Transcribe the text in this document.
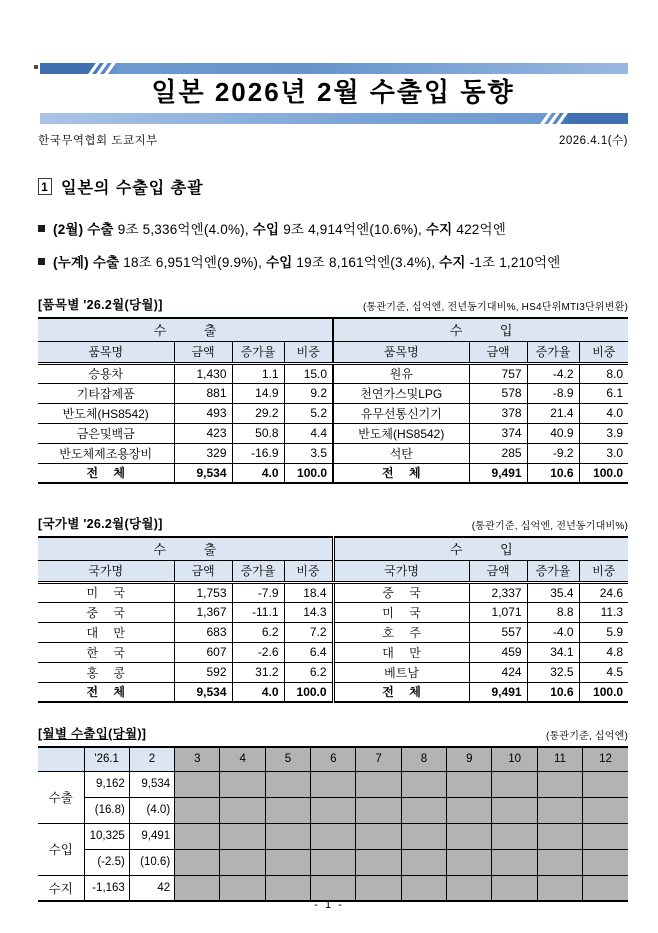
일본 2026년 2월 수출입 동향
한국무역협회 도쿄지부	2026.4.1(수)
1 일본의 수출입 총괄
(2월) 수출 9조 5,336억엔(4.0%), 수입 9조 4,914억엔(10.6%), 수지 422억엔
(누계) 수출 18조 6,951억엔(9.9%), 수입 19조 8,161억엔(3.4%), 수지 -1조 1,210억엔
[품목별 '26.2월(당월)]	(통관기준, 십억엔, 전년동기대비%, HS4단위MTI3단위변환)
수 출				수 입			
품목명	금액	증가율	비중	품목명	금액	증가율	비중
승용차	1,430	1.1	15.0	원유	757	-4.2	8.0
기타잡제품	881	14.9	9.2	천연가스및LPG	578	-8.9	6.1
반도체(HS8542)	493	29.2	5.2	유무선통신기기	378	21.4	4.0
금은및백금	423	50.8	4.4	반도체(HS8542)	374	40.9	3.9
반도체제조용장비	329	-16.9	3.5	석탄	285	-9.2	3.0
전 체	9,534	4.0	100.0	전 체	9,491	10.6	100.0
[국가별 '26.2월(당월)]	(통관기준, 십억엔, 전년동기대비%)
수 출				수 입			
국가명	금액	증가율	비중	국가명	금액	증가율	비중
미 국	1,753	-7.9	18.4	중 국	2,337	35.4	24.6
중 국	1,367	-11.1	14.3	미 국	1,071	8.8	11.3
대 만	683	6.2	7.2	호 주	557	-4.0	5.9
한 국	607	-2.6	6.4	대 만	459	34.1	4.8
홍 콩	592	31.2	6.2	베트남	424	32.5	4.5
전 체	9,534	4.0	100.0	전 체	9,491	10.6	100.0
[월별 수출입(당월)]	(통관기준, 십억엔)
	'26.1	2	3	4	5	6	7	8	9	10	11	12
수출	9,162	9,534										
	(16.8)	(4.0)										
수입	10,325	9,491										
	(-2.5)	(10.6)										
수지	-1,163	42										
- 1 -
